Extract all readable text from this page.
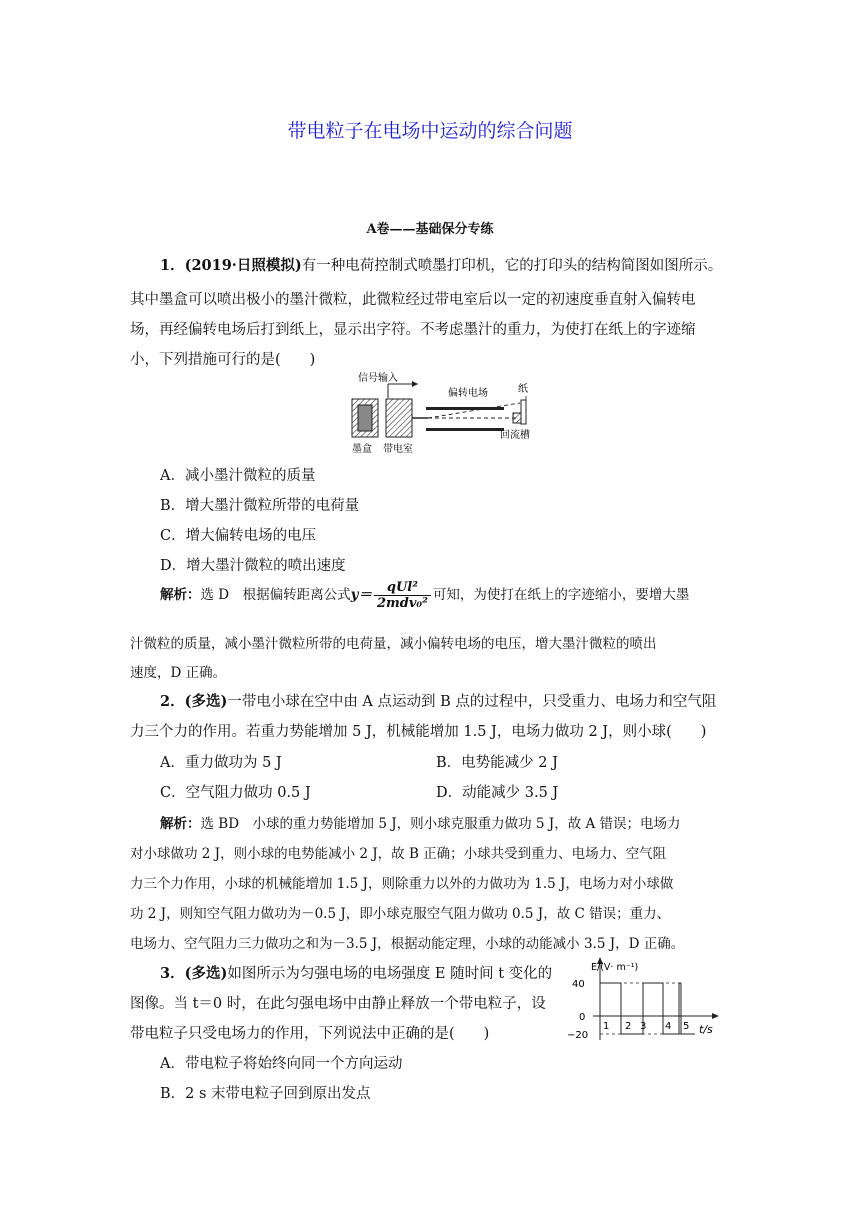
带电粒子在电场中运动的综合问题
A卷——基础保分专练
1．(2019·日照模拟)有一种电荷控制式喷墨打印机，它的打印头的结构简图如图所示。
其中墨盒可以喷出极小的墨汁微粒，此微粒经过带电室后以一定的初速度垂直射入偏转电
场，再经偏转电场后打到纸上，显示出字符。不考虑墨汁的重力，为使打在纸上的字迹缩
小，下列措施可行的是(　　)
信号输入
偏转电场	纸
墨盒 带电室
回流槽
A．减小墨汁微粒的质量
B．增大墨汁微粒所带的电荷量
C．增大偏转电场的电压
D．增大墨汁微粒的喷出速度
解析：选 D　根据偏转距离公式$y= \frac{\text{qUl²}}{\text{2mdv₀²}}$ 可知，为使打在纸上的字迹缩小，要增大墨
汁微粒的质量，减小墨汁微粒所带的电荷量，减小偏转电场的电压，增大墨汁微粒的喷出
速度，D 正确。
2．(多选)一带电小球在空中由 A 点运动到 B 点的过程中，只受重力、电场力和空气阻
力三个力的作用。若重力势能增加 5 J，机械能增加 1.5 J，电场力做功 2 J，则小球(　　)
A．重力做功为 5 J	B．电势能减少 2 J
C．空气阻力做功 0.5 J	D．动能减少 3.5 J
解析：选 BD　小球的重力势能增加 5 J，则小球克服重力做功 5 J，故 A 错误；电场力
对小球做功 2 J，则小球的电势能减小 2 J，故 B 正确；小球共受到重力、电场力、空气阻
力三个力作用，小球的机械能增加 1.5 J，则除重力以外的力做功为 1.5 J，电场力对小球做
功 2 J，则知空气阻力做功为－0.5 J，即小球克服空气阻力做功 0.5 J，故 C 错误；重力、
电场力、空气阻力三力做功之和为－3.5 J，根据动能定理，小球的动能减小 3.5 J，D 正确。
3．(多选)如图所示为匀强电场的电场强度 E 随时间 t 变化的
图像。当 t＝0 时，在此匀强电场中由静止释放一个带电粒子，设
带电粒子只受电场力的作用，下列说法中正确的是(　　)
A．带电粒子将始终向同一个方向运动
B．2 s 末带电粒子回到原出发点
E/(V· m⁻¹)
t/s
40
0
−20
1 2 3 4 5
